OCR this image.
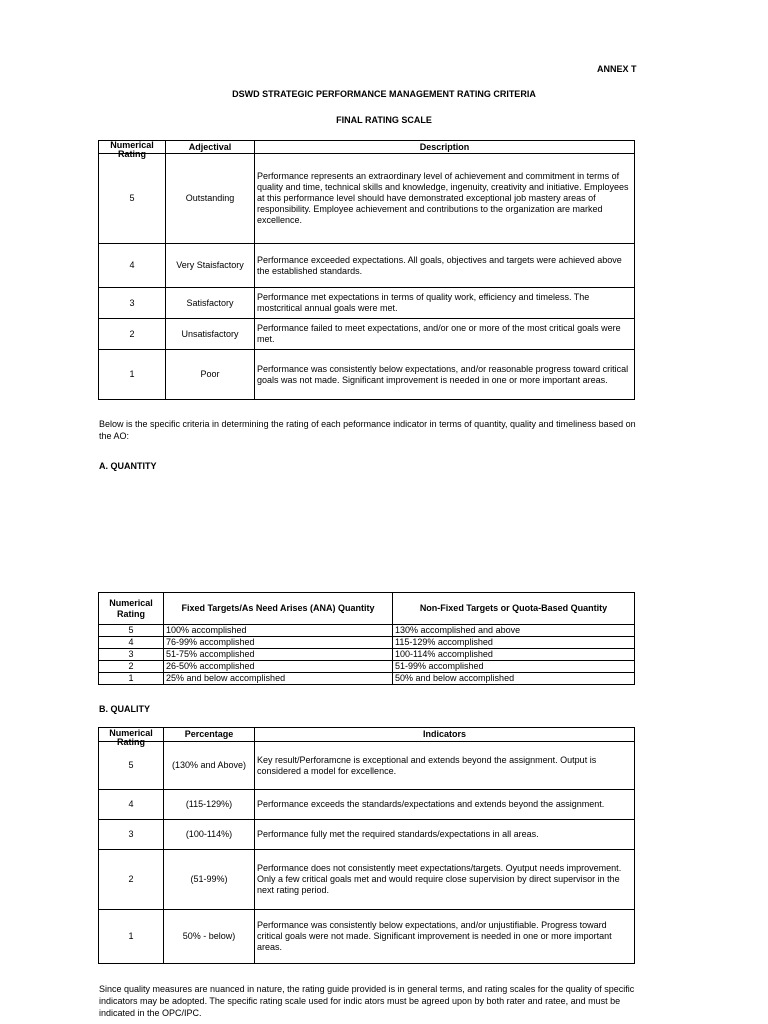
ANNEX T
DSWD STRATEGIC PERFORMANCE MANAGEMENT RATING CRITERIA
FINAL RATING SCALE
Numerical Rating	Adjectival	Description
5	Outstanding	Performance represents an extraordinary level of achievement and commitment in terms of quality and time, technical skills and knowledge, ingenuity, creativity and initiative. Employees at this performance level should have demonstrated exceptional job mastery areas of responsibility. Employee achievement and contributions to the organization are marked excellence.
4	Very Staisfactory	Performance exceeded expectations. All goals, objectives and targets were achieved above the established standards.
3	Satisfactory	Performance met expectations in terms of quality work, efficiency and timeless. The mostcritical annual goals were met.
2	Unsatisfactory	Performance failed to meet expectations, and/or one or more of the most critical goals were met.
1	Poor	Performance was consistently below expectations, and/or reasonable progress toward critical goals was not made. Significant improvement is needed in one or more important areas.
Below is the specific criteria in determining the rating of each peformance indicator in terms of quantity, quality and timeliness based on the AO:
A. QUANTITY
Numerical Rating	Fixed Targets/As Need Arises (ANA) Quantity	Non-Fixed Targets or Quota-Based Quantity
5	100% accomplished	130% accomplished and above
4	76-99% accomplished	115-129% accomplished
3	51-75% accomplished	100-114% accomplished
2	26-50% accomplished	51-99% accomplished
1	25% and below accomplished	50% and below accomplished
B. QUALITY
Numerical Rating	Percentage	Indicators
5	(130% and Above)	Key result/Perforamcne is exceptional and extends beyond the assignment. Output is considered a model for excellence.
4	(115-129%)	Performance exceeds the standards/expectations and extends beyond the assignment.
3	(100-114%)	Performance fully met the required standards/expectations in all areas.
2	(51-99%)	Performance does not consistently meet expectations/targets. Oyutput needs improvement. Only a few critical goals met and would require close supervision by direct supervisor in the next rating period.
1	50% - below)	Performance was consistently below expectations, and/or unjustifiable. Progress toward critical goals were not made. Significant improvement is needed in one or more important areas.
Since quality measures are nuanced in nature, the rating guide provided is in general terms, and rating scales for the quality of specific indicators may be adopted. The specific rating scale used for indic ators must be agreed upon by both rater and ratee, and must be indicated in the OPC/IPC.
